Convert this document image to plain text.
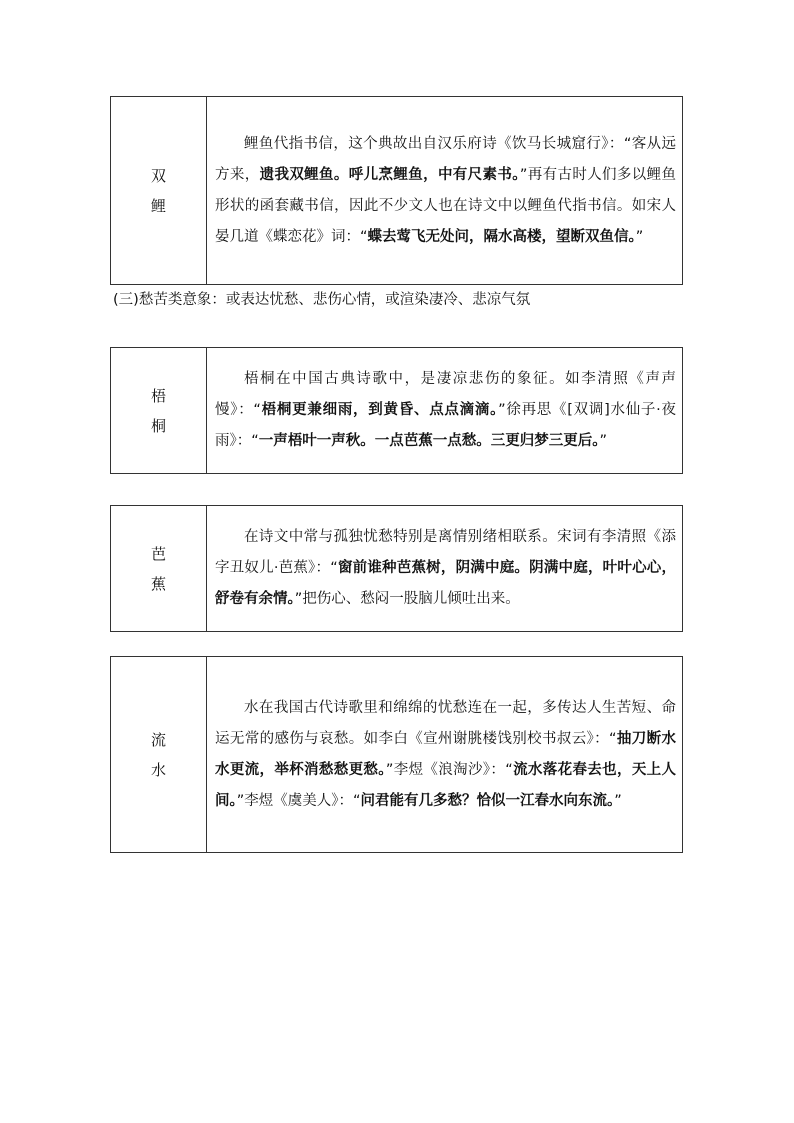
双
鲤

鲤鱼代指书信，这个典故出自汉乐府诗《饮马长城窟行》：“客从远方来，遗我双鲤鱼。呼儿烹鲤鱼，中有尺素书。”再有古时人们多以鲤鱼形状的函套藏书信，因此不少文人也在诗文中以鲤鱼代指书信。如宋人晏几道《蝶恋花》词：“蝶去莺飞无处问，隔水高楼，望断双鱼信。”

(三)愁苦类意象：或表达忧愁、悲伤心情，或渲染凄冷、悲凉气氛
梧
桐

梧桐在中国古典诗歌中，是凄凉悲伤的象征。如李清照《声声慢》：“梧桐更兼细雨，到黄昏、点点滴滴。”徐再思《[双调]水仙子·夜雨》：“一声梧叶一声秋。一点芭蕉一点愁。三更归梦三更后。”

芭
蕉

在诗文中常与孤独忧愁特别是离情别绪相联系。宋词有李清照《添字丑奴儿·芭蕉》：“窗前谁种芭蕉树，阴满中庭。阴满中庭，叶叶心心，舒卷有余情。”把伤心、愁闷一股脑儿倾吐出来。

流
水

水在我国古代诗歌里和绵绵的忧愁连在一起，多传达人生苦短、命运无常的感伤与哀愁。如李白《宣州谢朓楼饯别校书叔云》：“抽刀断水水更流，举杯消愁愁更愁。”李煜《浪淘沙》：“流水落花春去也，天上人间。”李煜《虞美人》：“问君能有几多愁？恰似一江春水向东流。”
